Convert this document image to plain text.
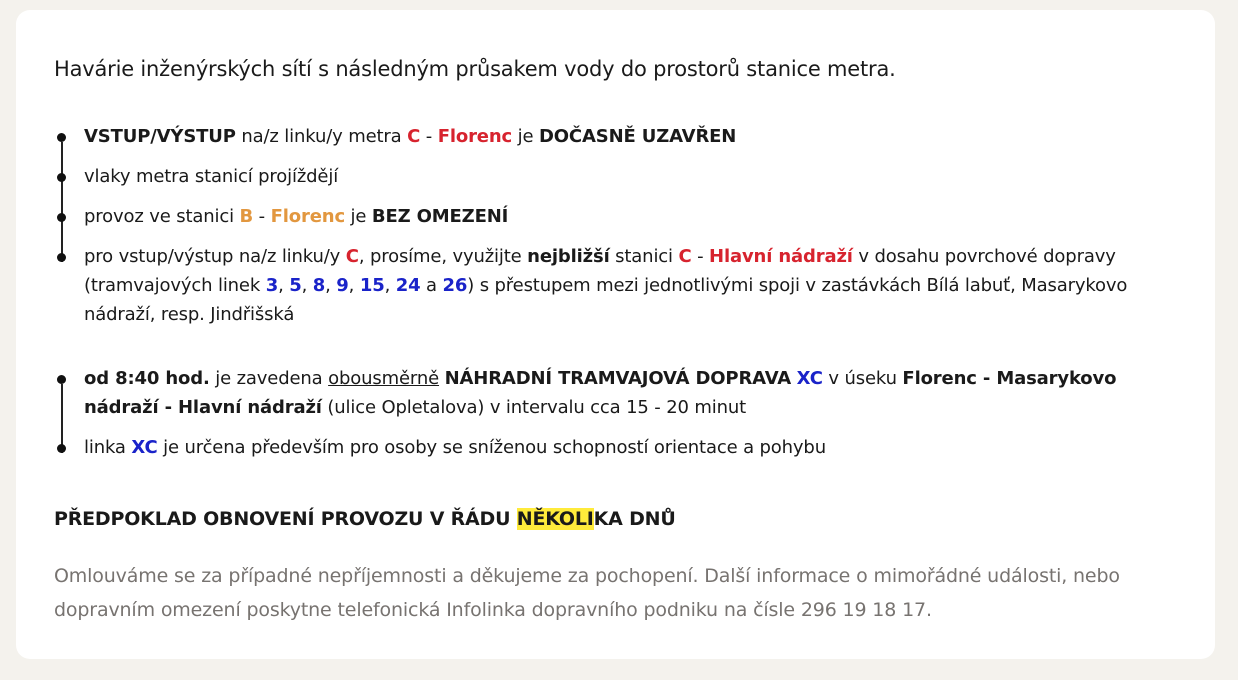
Havárie inženýrských sítí s následným průsakem vody do prostorů stanice metra.

VSTUP/VÝSTUP na/z linku/y metra C - Florenc je DOČASNĚ UZAVŘEN
vlaky metra stanicí projíždějí
provoz ve stanici B - Florenc je BEZ OMEZENÍ
pro vstup/výstup na/z linku/y C, prosíme, využijte nejbližší stanici C - Hlavní nádraží v dosahu povrchové dopravy (tramvajových linek 3, 5, 8, 9, 15, 24 a 26) s přestupem mezi jednotlivými spoji v zastávkách Bílá labuť, Masarykovo nádraží, resp. Jindřišská
od 8:40 hod. je zavedena obousměrně NÁHRADNÍ TRAMVAJOVÁ DOPRAVA XC v úseku Florenc - Masarykovo nádraží - Hlavní nádraží (ulice Opletalova) v intervalu cca 15 - 20 minut
linka XC je určena především pro osoby se sníženou schopností orientace a pohybu

PŘEDPOKLAD OBNOVENÍ PROVOZU V ŘÁDU NĚKOLIKA DNŮ

Omlouváme se za případné nepříjemnosti a děkujeme za pochopení. Další informace o mimořádné události, nebo dopravním omezení poskytne telefonická Infolinka dopravního podniku na čísle 296 19 18 17.
